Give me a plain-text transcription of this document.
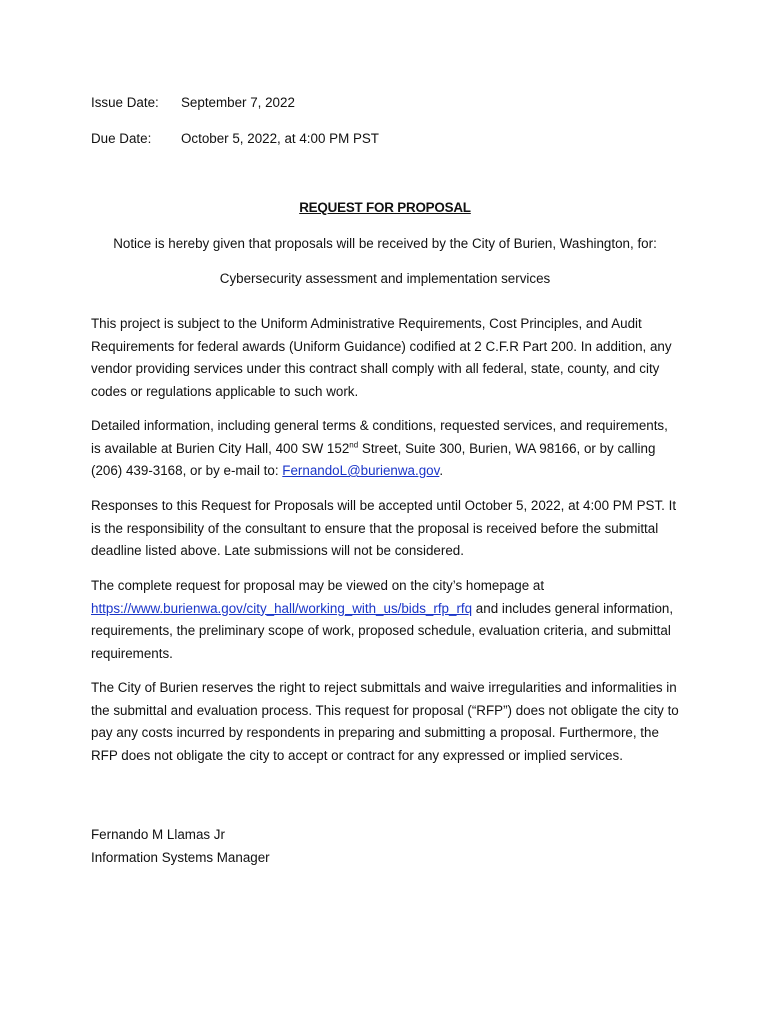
Issue Date:	September 7, 2022
Due Date:	October 5, 2022, at 4:00 PM PST
REQUEST FOR PROPOSAL
Notice is hereby given that proposals will be received by the City of Burien, Washington, for:
Cybersecurity assessment and implementation services

This project is subject to the Uniform Administrative Requirements, Cost Principles, and Audit Requirements for federal awards (Uniform Guidance) codified at 2 C.F.R Part 200. In addition, any vendor providing services under this contract shall comply with all federal, state, county, and city codes or regulations applicable to such work.

Detailed information, including general terms & conditions, requested services, and requirements, is available at Burien City Hall, 400 SW 152nd Street, Suite 300, Burien, WA 98166, or by calling (206) 439-3168, or by e-mail to: FernandoL@burienwa.gov.

Responses to this Request for Proposals will be accepted until October 5, 2022, at 4:00 PM PST. It is the responsibility of the consultant to ensure that the proposal is received before the submittal deadline listed above. Late submissions will not be considered.

The complete request for proposal may be viewed on the city’s homepage at https://www.burienwa.gov/city_hall/working_with_us/bids_rfp_rfq and includes general information, requirements, the preliminary scope of work, proposed schedule, evaluation criteria, and submittal requirements.

The City of Burien reserves the right to reject submittals and waive irregularities and informalities in the submittal and evaluation process. This request for proposal (“RFP”) does not obligate the city to pay any costs incurred by respondents in preparing and submitting a proposal. Furthermore, the RFP does not obligate the city to accept or contract for any expressed or implied services.

Fernando M Llamas Jr
Information Systems Manager
